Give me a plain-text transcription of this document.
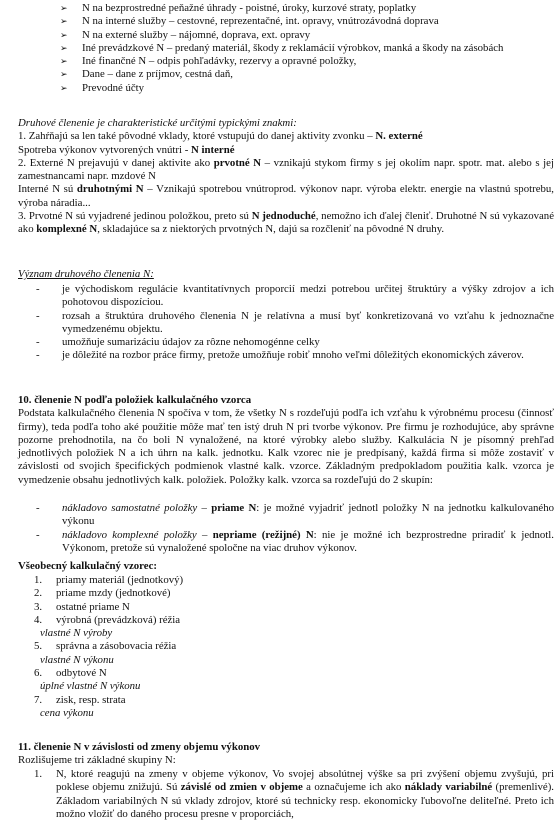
➢	N na bezprostredné peňažné úhrady - poistné, úroky, kurzové straty, poplatky
➢	N na interné služby – cestovné, reprezentačné, int. opravy, vnútrozávodná doprava
➢	N na externé služby – nájomné, doprava, ext. opravy
➢	Iné prevádzkové N – predaný materiál, škody z reklamácií výrobkov, manká a škody na zásobách
➢	Iné finančné N – odpis pohľadávky, rezervy a opravné položky,
➢	Dane – dane z príjmov, cestná daň,
➢	Prevodné účty

Druhové členenie je charakteristické určitými typickými znakmi:

1. Zahŕňajú sa len také pôvodné vklady, ktoré vstupujú do danej aktivity zvonku – N. externé

Spotreba výkonov vytvorených vnútri - N interné

2. Externé N prejavujú v danej aktivite ako prvotné N – vznikajú stykom firmy s jej okolím napr. spotr. mat. alebo s jej zamestnancami napr. mzdové N

Interné N sú druhotnými N – Vznikajú spotrebou vnútroprod. výkonov napr. výroba elektr. energie na vlastnú spotrebu, výroba náradia...

3. Prvotné N sú vyjadrené jedinou položkou, preto sú N jednoduché, nemožno ich ďalej členiť. Druhotné N sú vykazované ako komplexné N, skladajúce sa z niektorých prvotných N, dajú sa rozčleniť na pôvodné N druhy.

Význam druhového členenia N:
-	je východiskom regulácie kvantitatívnych proporcií medzi potrebou určitej štruktúry a výšky zdrojov a ich pohotovou dispozíciou.
-	rozsah a štruktúra druhového členenia N je relatívna a musí byť konkretizovaná vo vzťahu k jednoznačne vymedzenému objektu.
-	umožňuje sumarizáciu údajov za rôzne nehomogénne celky
-	je dôležité na rozbor práce firmy, pretože umožňuje robiť mnoho veľmi dôležitých ekonomických záverov.

10. členenie N podľa položiek kalkulačného vzorca

Podstata kalkulačného členenia N spočíva v tom, že všetky N s rozdeľujú podľa ich vzťahu k výrobnému procesu (činnosť firmy), teda podľa toho aké použitie môže mať ten istý druh N pri tvorbe výkonov. Pre firmu je rozhodujúce, aby správne pozorne prehodnotila, na čo boli N vynaložené, na ktoré výrobky alebo služby. Kalkulácia N je písomný prehľad jednotlivých položiek N a ich úhrn na kalk. jednotku. Kalk vzorec nie je predpísaný, každá firma si môže zostaviť v závislosti od svojich špecifických podmienok vlastné kalk. vzorce. Základným predpokladom použitia kalk. vzorca je vymedzenie obsahu jednotlivých kalk. položiek. Položky kalk. vzorca sa rozdeľujú do 2 skupín:

-	nákladovo samostatné položky – priame N: je možné vyjadriť jednotl položky N na jednotku kalkulovaného výkonu
-	nákladovo komplexné položky – nepriame (režijné) N: nie je možné ich bezprostredne priradiť k jednotl. Výkonom, pretože sú vynaložené spoločne na viac druhov výkonov.
Všeobecný kalkulačný vzorec:
1.	priamy materiál (jednotkový)
2.	priame mzdy (jednotkové)
3.	ostatné priame N
4.	výrobná (prevádzková) réžia
vlastné N výroby
5.	správna a zásobovacia réžia
vlastné N výkonu
6.	odbytové N
úplné vlastné N výkonu
7.	zisk, resp. strata
cena výkonu

11. členenie N v závislosti od zmeny objemu výkonov

Rozlišujeme tri základné skupiny N:

1.	N, ktoré reagujú na zmeny v objeme výkonov, Vo svojej absolútnej výške sa pri zvýšení objemu zvyšujú, pri poklese objemu znižujú. Sú závislé od zmien v objeme a označujeme ich ako náklady variabilné (premenlivé). Základom variabilných N sú vklady zdrojov, ktoré sú technicky resp. ekonomicky ľubovoľne deliteľné. Preto ich možno vložiť do daného procesu presne v proporciách,
